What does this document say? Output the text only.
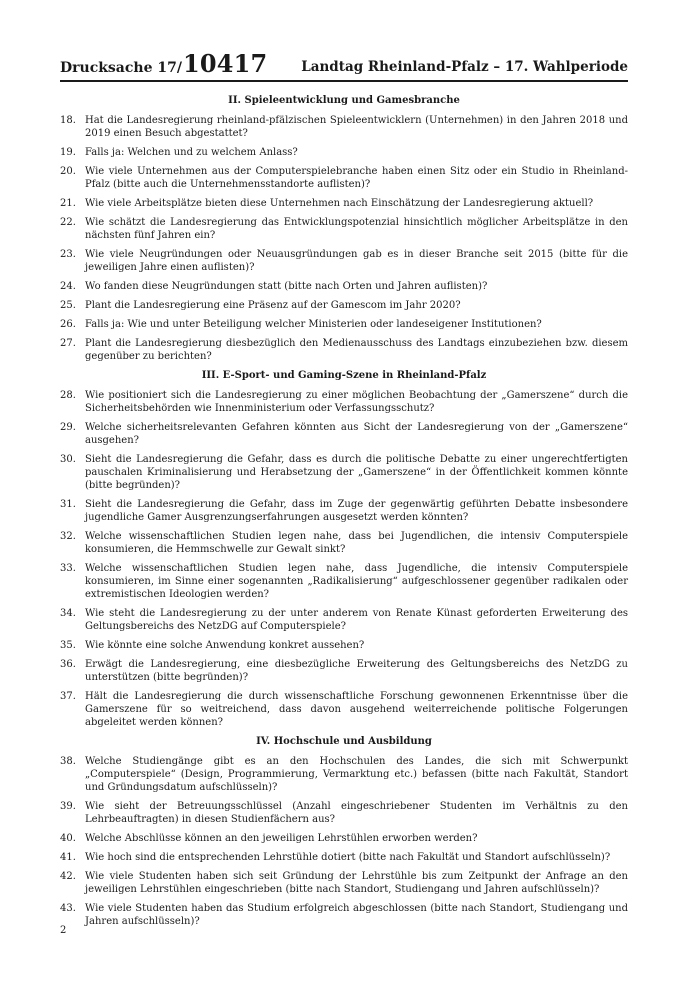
Drucksache 17/10417	Landtag Rheinland-Pfalz – 17. Wahlperiode
II. Spieleentwicklung und Gamesbranche
18. Hat die Landesregierung rheinland-pfälzischen Spieleentwicklern (Unternehmen) in den Jahren 2018 und 2019 einen Besuch abgestattet?
19. Falls ja: Welchen und zu welchem Anlass?
20. Wie viele Unternehmen aus der Computerspielebranche haben einen Sitz oder ein Studio in Rheinland-Pfalz (bitte auch die Unternehmensstandorte auflisten)?
21. Wie viele Arbeitsplätze bieten diese Unternehmen nach Einschätzung der Landesregierung aktuell?
22. Wie schätzt die Landesregierung das Entwicklungspotenzial hinsichtlich möglicher Arbeitsplätze in den nächsten fünf Jahren ein?
23. Wie viele Neugründungen oder Neuausgründungen gab es in dieser Branche seit 2015 (bitte für die jeweiligen Jahre einen auflisten)?
24. Wo fanden diese Neugründungen statt (bitte nach Orten und Jahren auflisten)?
25. Plant die Landesregierung eine Präsenz auf der Gamescom im Jahr 2020?
26. Falls ja: Wie und unter Beteiligung welcher Ministerien oder landeseigener Institutionen?
27. Plant die Landesregierung diesbezüglich den Medienausschuss des Landtags einzubeziehen bzw. diesem gegenüber zu berichten?
III. E-Sport- und Gaming-Szene in Rheinland-Pfalz
28. Wie positioniert sich die Landesregierung zu einer möglichen Beobachtung der „Gamerszene“ durch die Sicherheitsbehörden wie Innenministerium oder Verfassungsschutz?
29. Welche sicherheitsrelevanten Gefahren könnten aus Sicht der Landesregierung von der „Gamerszene“ ausgehen?
30. Sieht die Landesregierung die Gefahr, dass es durch die politische Debatte zu einer ungerechtfertigten pauschalen Kriminalisierung und Herabsetzung der „Gamerszene“ in der Öffentlichkeit kommen könnte (bitte begründen)?
31. Sieht die Landesregierung die Gefahr, dass im Zuge der gegenwärtig geführten Debatte insbesondere jugendliche Gamer Ausgrenzungserfahrungen ausgesetzt werden könnten?
32. Welche wissenschaftlichen Studien legen nahe, dass bei Jugendlichen, die intensiv Computerspiele konsumieren, die Hemmschwelle zur Gewalt sinkt?
33. Welche wissenschaftlichen Studien legen nahe, dass Jugendliche, die intensiv Computerspiele konsumieren, im Sinne einer sogenannten „Radikalisierung“ aufgeschlossener gegenüber radikalen oder extremistischen Ideologien werden?
34. Wie steht die Landesregierung zu der unter anderem von Renate Künast geforderten Erweiterung des Geltungsbereichs des NetzDG auf Computerspiele?
35. Wie könnte eine solche Anwendung konkret aussehen?
36. Erwägt die Landesregierung, eine diesbezügliche Erweiterung des Geltungsbereichs des NetzDG zu unterstützen (bitte begründen)?
37. Hält die Landesregierung die durch wissenschaftliche Forschung gewonnenen Erkenntnisse über die Gamerszene für so weitreichend, dass davon ausgehend weiterreichende politische Folgerungen abgeleitet werden können?
IV. Hochschule und Ausbildung
38. Welche Studiengänge gibt es an den Hochschulen des Landes, die sich mit Schwerpunkt „Computerspiele“ (Design, Programmierung, Vermarktung etc.) befassen (bitte nach Fakultät, Standort und Gründungsdatum aufschlüsseln)?
39. Wie sieht der Betreuungsschlüssel (Anzahl eingeschriebener Studenten im Verhältnis zu den Lehrbeauftragten) in diesen Studienfächern aus?
40. Welche Abschlüsse können an den jeweiligen Lehrstühlen erworben werden?
41. Wie hoch sind die entsprechenden Lehrstühle dotiert (bitte nach Fakultät und Standort aufschlüsseln)?
42. Wie viele Studenten haben sich seit Gründung der Lehrstühle bis zum Zeitpunkt der Anfrage an den jeweiligen Lehrstühlen eingeschrieben (bitte nach Standort, Studiengang und Jahren aufschlüsseln)?
43. Wie viele Studenten haben das Studium erfolgreich abgeschlossen (bitte nach Standort, Studiengang und Jahren aufschlüsseln)?
2
